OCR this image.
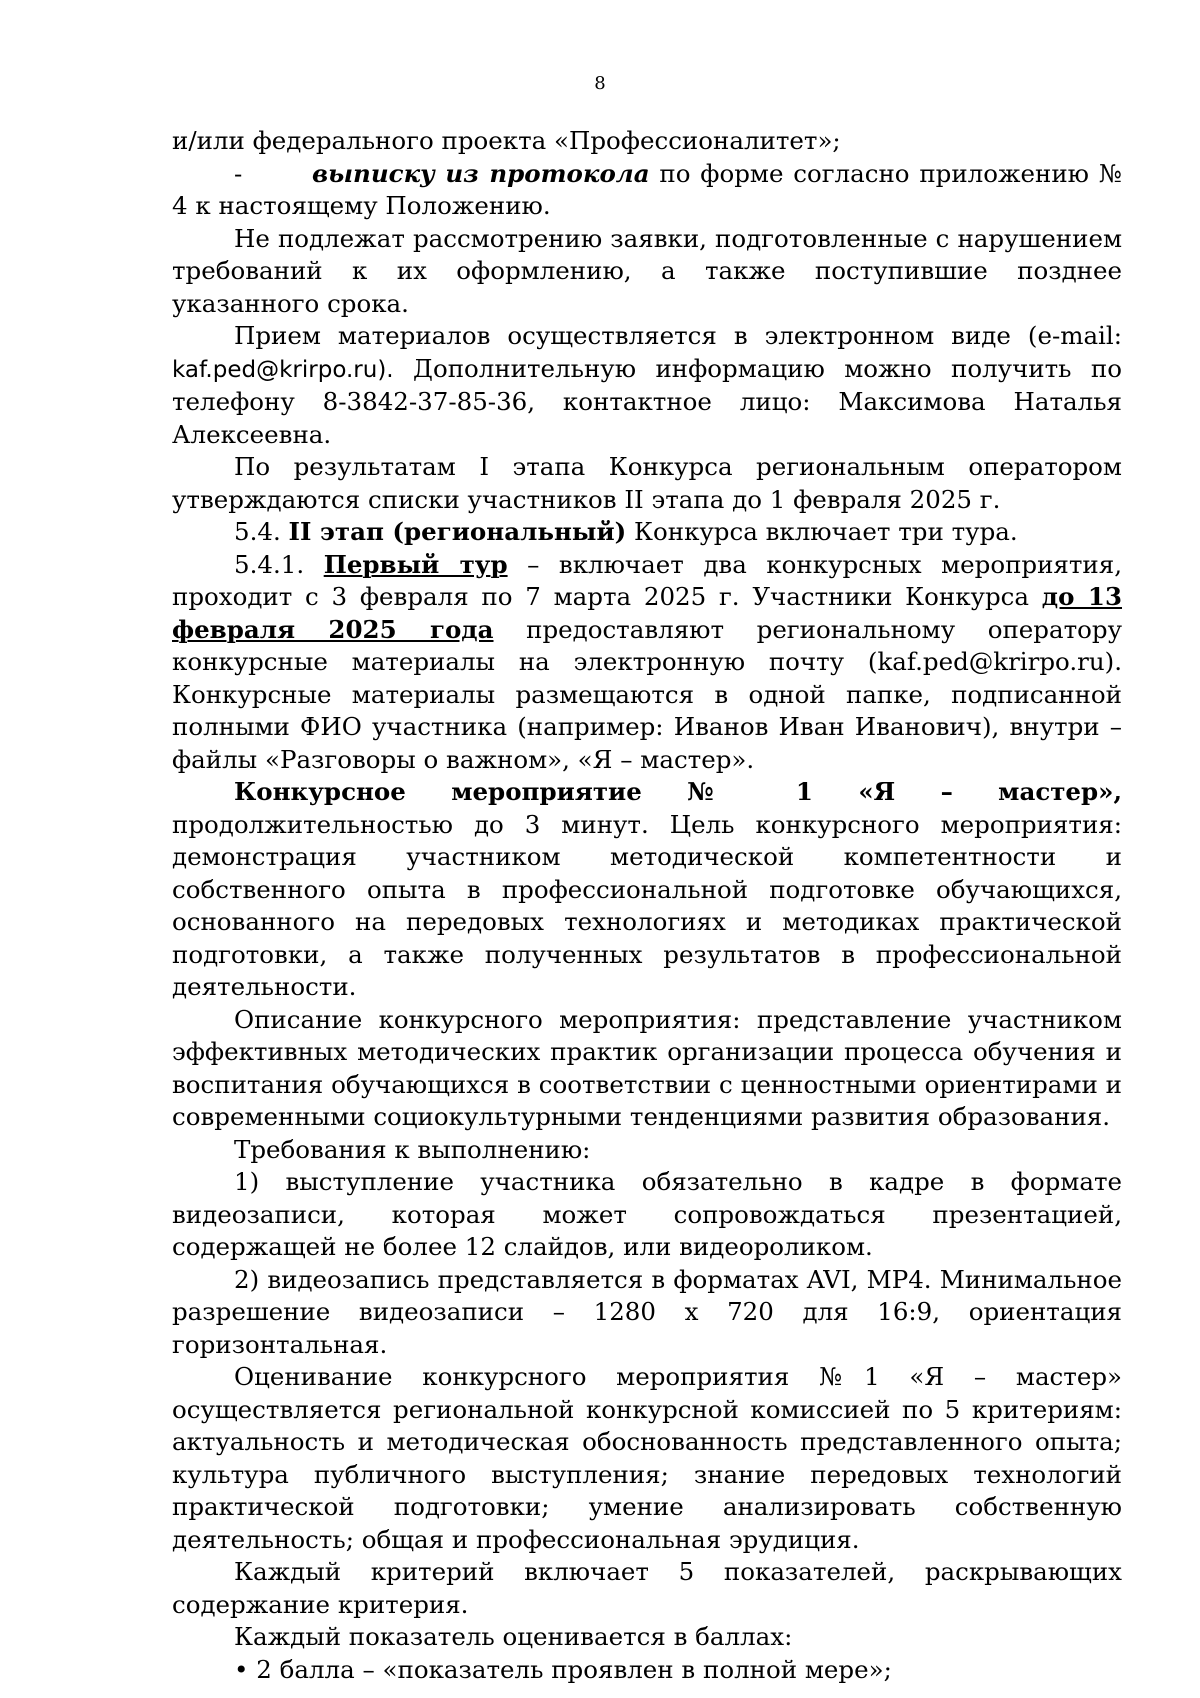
8

и/или федерального проекта «Профессионалитет»;

-	выписку из протокола по форме согласно приложению № 4 к настоящему Положению.

Не подлежат рассмотрению заявки, подготовленные с нарушением требований к их оформлению, а также поступившие позднее указанного срока.

Прием материалов осуществляется в электронном виде (e-mail: kaf.ped@krirpo.ru). Дополнительную информацию можно получить по телефону 8-3842-37-85-36, контактное лицо: Максимова Наталья Алексеевна.

По результатам I этапа Конкурса региональным оператором утверждаются списки участников II этапа до 1 февраля 2025 г.

5.4. II этап (региональный) Конкурса включает три тура.

5.4.1. Первый тур – включает два конкурсных мероприятия, проходит с 3 февраля по 7 марта 2025 г. Участники Конкурса до 13 февраля 2025 года предоставляют региональному оператору конкурсные материалы на электронную почту (kaf.ped@krirpo.ru). Конкурсные материалы размещаются в одной папке, подписанной полными ФИО участника (например: Иванов Иван Иванович), внутри – файлы «Разговоры о важном», «Я – мастер».

Конкурсное мероприятие № 1 «Я – мастер», продолжительностью до 3 минут. Цель конкурсного мероприятия: демонстрация участником методической компетентности и собственного опыта в профессиональной подготовке обучающихся, основанного на передовых технологиях и методиках практической подготовки, а также полученных результатов в профессиональной деятельности.

Описание конкурсного мероприятия: представление участником эффективных методических практик организации процесса обучения и воспитания обучающихся в соответствии с ценностными ориентирами и современными социокультурными тенденциями развития образования.

Требования к выполнению:

1) выступление участника обязательно в кадре в формате видеозаписи, которая может сопровождаться презентацией, содержащей не более 12 слайдов, или видеороликом.

2) видеозапись представляется в форматах AVI, MP4. Минимальное разрешение видеозаписи – 1280 х 720 для 16:9, ориентация горизонтальная.

Оценивание конкурсного мероприятия №1 «Я – мастер» осуществляется региональной конкурсной комиссией по 5 критериям: актуальность и методическая обоснованность представленного опыта; культура публичного выступления; знание передовых технологий практической подготовки; умение анализировать собственную деятельность; общая и профессиональная эрудиция.

Каждый критерий включает 5 показателей, раскрывающих содержание критерия.

Каждый показатель оценивается в баллах:

• 2 балла – «показатель проявлен в полной мере»;
